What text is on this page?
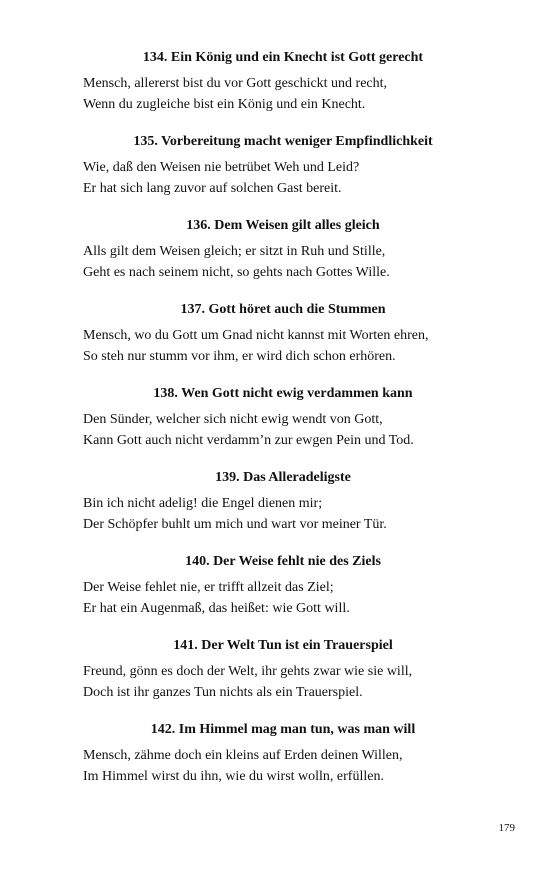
134. Ein König und ein Knecht ist Gott gerecht
Mensch, allererst bist du vor Gott geschickt und recht,
Wenn du zugleiche bist ein König und ein Knecht.
135. Vorbereitung macht weniger Empfindlichkeit
Wie, daß den Weisen nie betrübet Weh und Leid?
Er hat sich lang zuvor auf solchen Gast bereit.
136. Dem Weisen gilt alles gleich
Alls gilt dem Weisen gleich; er sitzt in Ruh und Stille,
Geht es nach seinem nicht, so gehts nach Gottes Wille.
137. Gott höret auch die Stummen
Mensch, wo du Gott um Gnad nicht kannst mit Worten ehren,
So steh nur stumm vor ihm, er wird dich schon erhören.
138. Wen Gott nicht ewig verdammen kann
Den Sünder, welcher sich nicht ewig wendt von Gott,
Kann Gott auch nicht verdamm’n zur ewgen Pein und Tod.
139. Das Alleradeligste
Bin ich nicht adelig! die Engel dienen mir;
Der Schöpfer buhlt um mich und wart vor meiner Tür.
140. Der Weise fehlt nie des Ziels
Der Weise fehlet nie, er trifft allzeit das Ziel;
Er hat ein Augenmaß, das heißet: wie Gott will.
141. Der Welt Tun ist ein Trauerspiel
Freund, gönn es doch der Welt, ihr gehts zwar wie sie will,
Doch ist ihr ganzes Tun nichts als ein Trauerspiel.
142. Im Himmel mag man tun, was man will
Mensch, zähme doch ein kleins auf Erden deinen Willen,
Im Himmel wirst du ihn, wie du wirst wolln, erfüllen.
179
